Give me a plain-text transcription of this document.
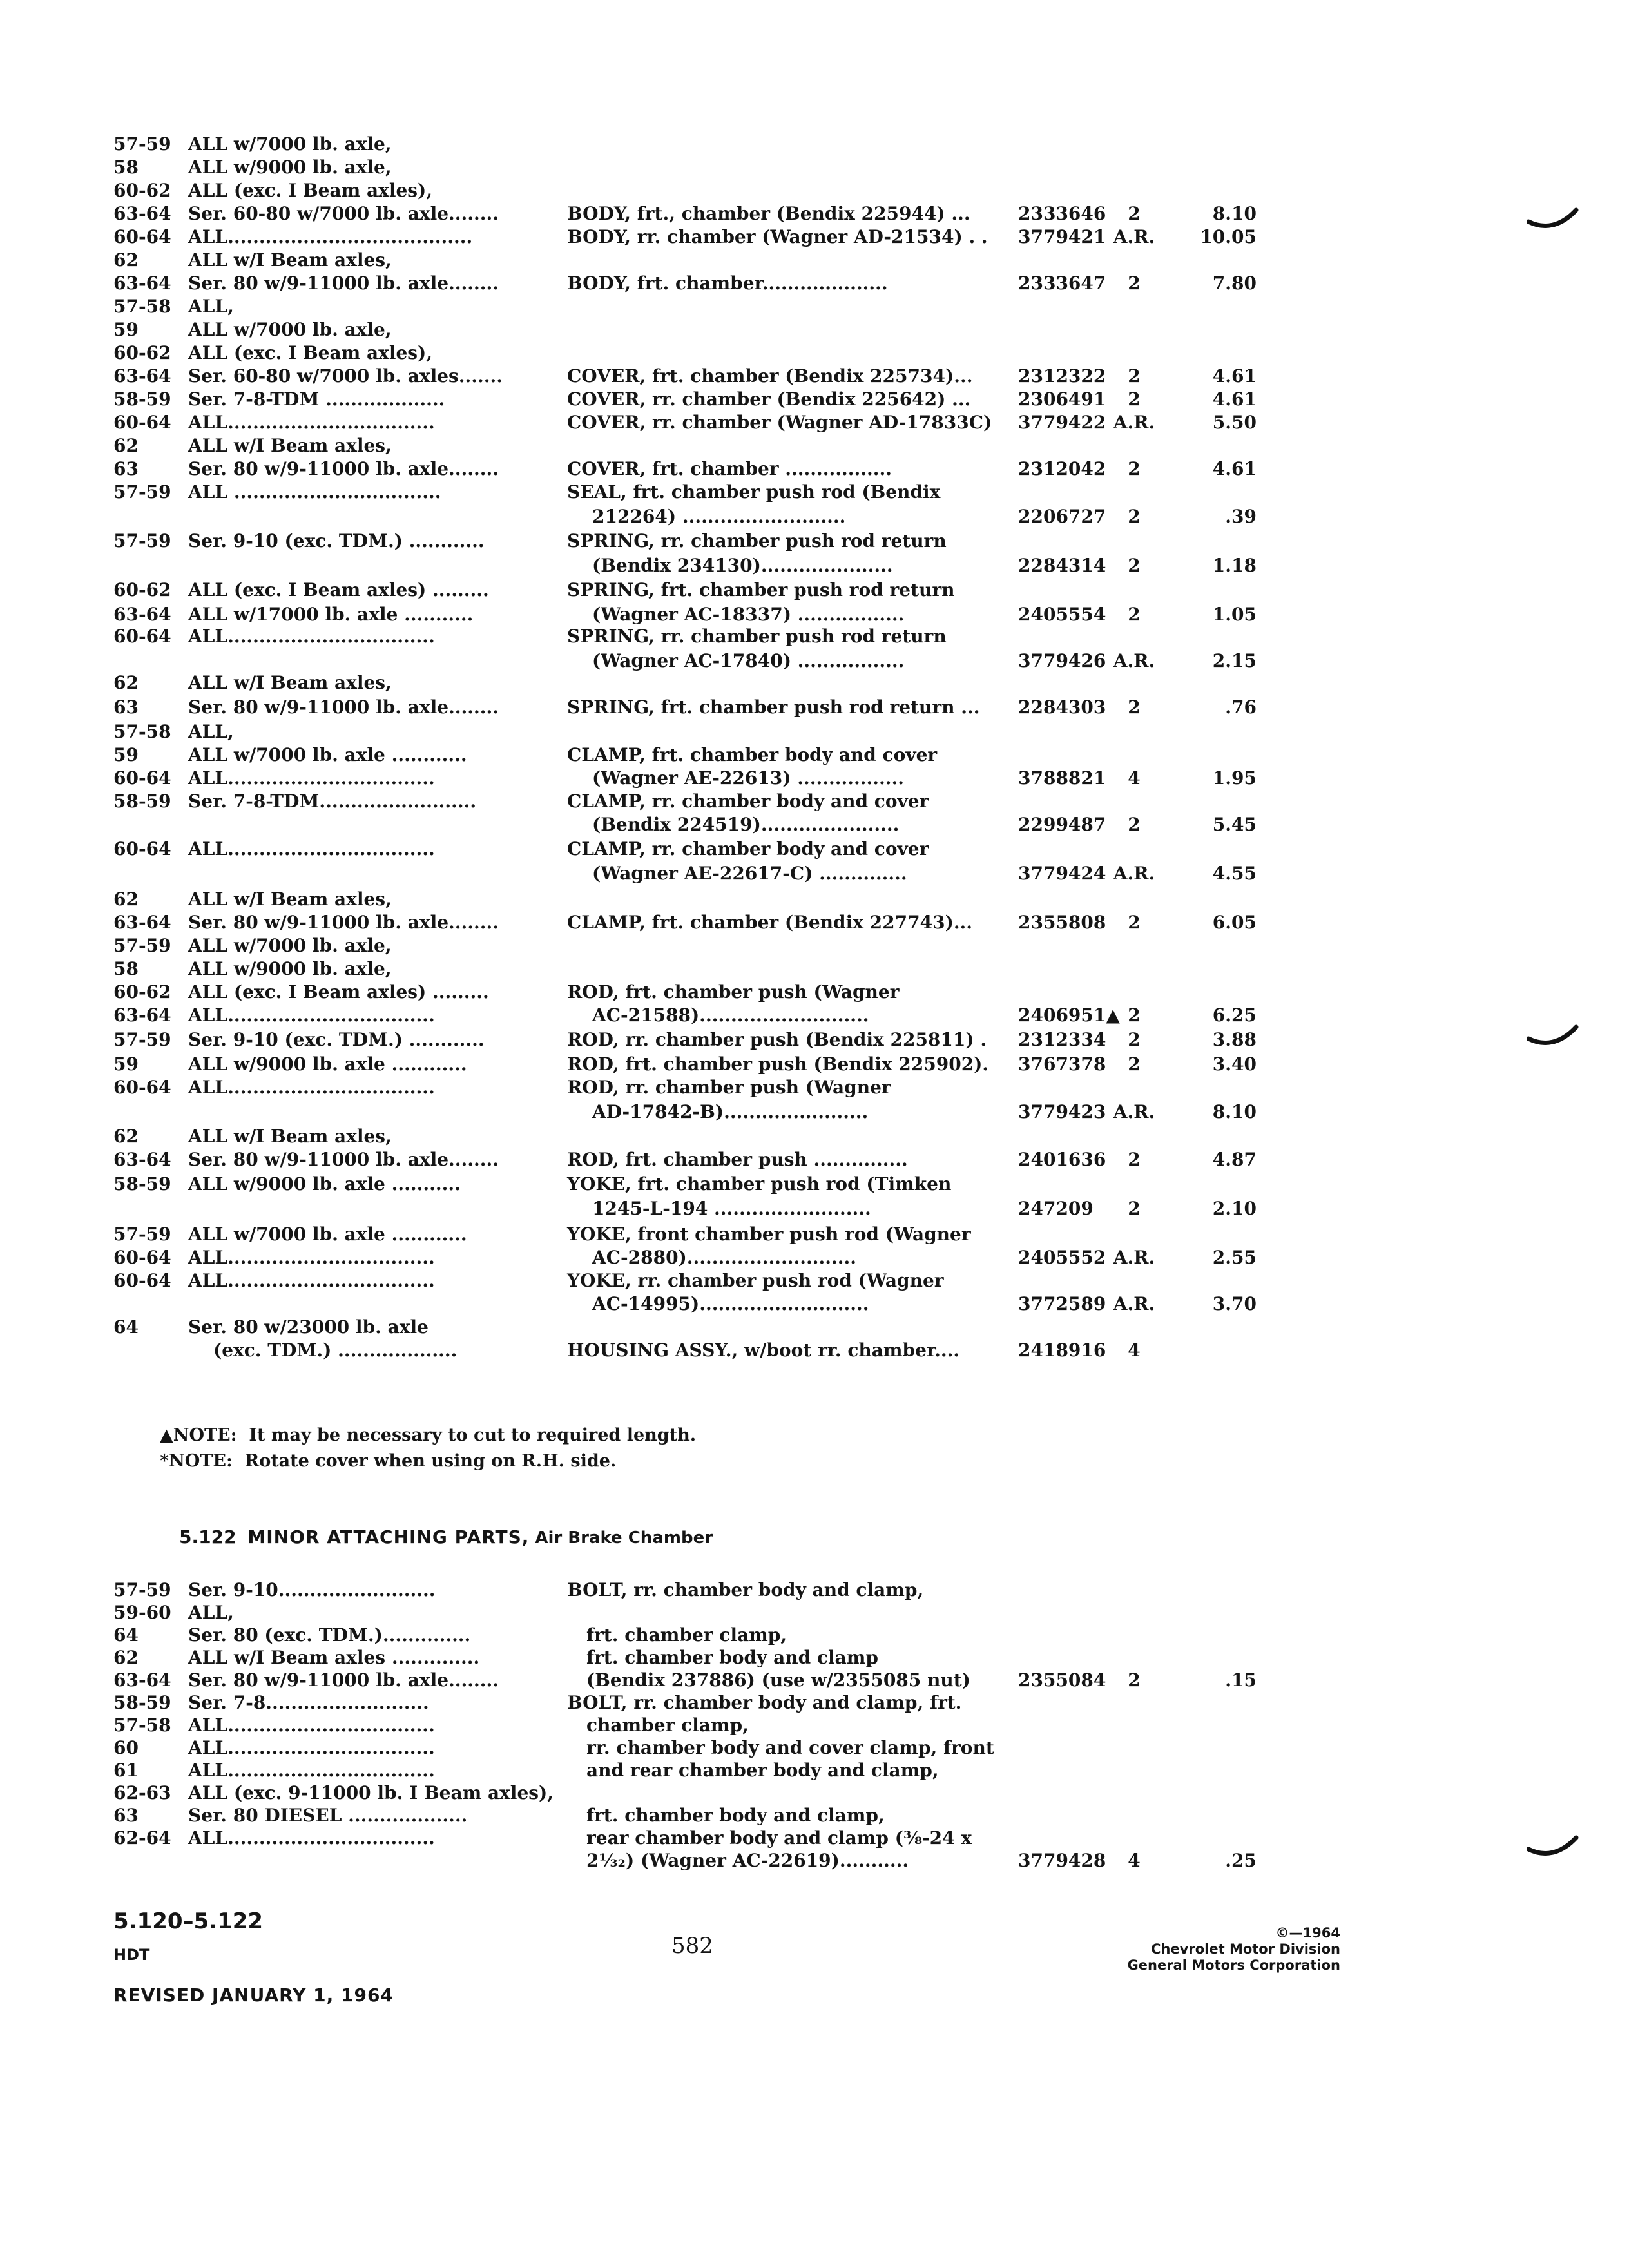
57-59 ALL w/7000 lb. axle,
58	ALL w/9000 lb. axle,
60-62 ALL (exc. I Beam axles),
63-64 Ser. 60-80 w/7000 lb. axle........	BODY, frt., chamber (Bendix 225944) ...	2333646	2	8.10
60-64 ALL.......................................	BODY, rr. chamber (Wagner AD-21534) . . 3779421 A.R.	10.05
62	ALL w/I Beam axles,
63-64 Ser. 80 w/9-11000 lb. axle........	BODY, frt. chamber....................	2333647	2	7.80
57-58 ALL,
59	ALL w/7000 lb. axle,
60-62 ALL (exc. I Beam axles),
63-64 Ser. 60-80 w/7000 lb. axles.......	COVER, frt. chamber (Bendix 225734)...	2312322	2	4.61
58-59 Ser. 7-8-TDM ...................	COVER, rr. chamber (Bendix 225642) ...	2306491	2	4.61
60-64 ALL.................................	COVER, rr. chamber (Wagner AD-17833C) 3779422 A.R.	5.50
62	ALL w/I Beam axles,
63	Ser. 80 w/9-11000 lb. axle........	COVER, frt. chamber .................	2312042	2	4.61
57-59 ALL .................................	SEAL, frt. chamber push rod (Bendix
212264) ..........................	2206727	2	.39
57-59 Ser. 9-10 (exc. TDM.) ............	SPRING, rr. chamber push rod return
(Bendix 234130).....................	2284314	2	1.18
60-62 ALL (exc. I Beam axles) .........	SPRING, frt. chamber push rod return
63-64 ALL w/17000 lb. axle ...........	(Wagner AC-18337) .................	2405554	2	1.05
60-64 ALL.................................	SPRING, rr. chamber push rod return
(Wagner AC-17840) .................	3779426 A.R.	2.15
62	ALL w/I Beam axles,
63	Ser. 80 w/9-11000 lb. axle........	SPRING, frt. chamber push rod return ... 2284303	2	.76
57-58 ALL,
59	ALL w/7000 lb. axle ............	CLAMP, frt. chamber body and cover
60-64 ALL.................................	(Wagner AE-22613) .................	3788821	4	1.95
58-59 Ser. 7-8-TDM.........................	CLAMP, rr. chamber body and cover
(Bendix 224519)......................	2299487	2	5.45
60-64 ALL.................................	CLAMP, rr. chamber body and cover
(Wagner AE-22617-C) ..............	3779424 A.R.	4.55
62	ALL w/I Beam axles,
63-64 Ser. 80 w/9-11000 lb. axle........	CLAMP, frt. chamber (Bendix 227743)...	2355808	2	6.05
57-59 ALL w/7000 lb. axle,
58	ALL w/9000 lb. axle,
60-62 ALL (exc. I Beam axles) .........	ROD, frt. chamber push (Wagner
63-64 ALL.................................	AC-21588)...........................	2406951▲ 2	6.25
57-59 Ser. 9-10 (exc. TDM.) ............	ROD, rr. chamber push (Bendix 225811) . 2312334	2	3.88
59	ALL w/9000 lb. axle ............	ROD, frt. chamber push (Bendix 225902). 3767378	2	3.40
60-64 ALL.................................	ROD, rr. chamber push (Wagner
AD-17842-B).......................	3779423 A.R.	8.10
62	ALL w/I Beam axles,
63-64 Ser. 80 w/9-11000 lb. axle........	ROD, frt. chamber push ...............	2401636	2	4.87
58-59 ALL w/9000 lb. axle ...........	YOKE, frt. chamber push rod (Timken
1245-L-194 .........................	247209	2	2.10
57-59 ALL w/7000 lb. axle ............	YOKE, front chamber push rod (Wagner
60-64 ALL.................................	AC-2880)...........................	2405552 A.R.	2.55
60-64 ALL.................................	YOKE, rr. chamber push rod (Wagner
AC-14995)...........................	3772589 A.R.	3.70
64	Ser. 80 w/23000 lb. axle
(exc. TDM.) ...................	HOUSING ASSY., w/boot rr. chamber....	2418916	4
▲NOTE:  It may be necessary to cut to required length.
*NOTE:  Rotate cover when using on R.H. side.
5.122 MINOR ATTACHING PARTS, Air Brake Chamber
57-59 Ser. 9-10.........................	BOLT, rr. chamber body and clamp,
59-60 ALL,
64	Ser. 80 (exc. TDM.)..............	frt. chamber clamp,
62	ALL w/I Beam axles ..............	frt. chamber body and clamp
63-64 Ser. 80 w/9-11000 lb. axle........	(Bendix 237886) (use w/2355085 nut)	2355084	2	.15
58-59 Ser. 7-8..........................	BOLT, rr. chamber body and clamp, frt.
57-58 ALL.................................	chamber clamp,
60	ALL.................................	rr. chamber body and cover clamp, front
61	ALL.................................	and rear chamber body and clamp,
62-63 ALL (exc. 9-11000 lb. I Beam axles),
63	Ser. 80 DIESEL ...................	frt. chamber body and clamp,
62-64 ALL.................................	rear chamber body and clamp (⅜-24 x
2¹⁄₃₂) (Wagner AC-22619)...........	3779428	4	.25
5.120–5.122
HDT
REVISED JANUARY 1, 1964
582	©—1964
Chevrolet Motor Division
General Motors Corporation
